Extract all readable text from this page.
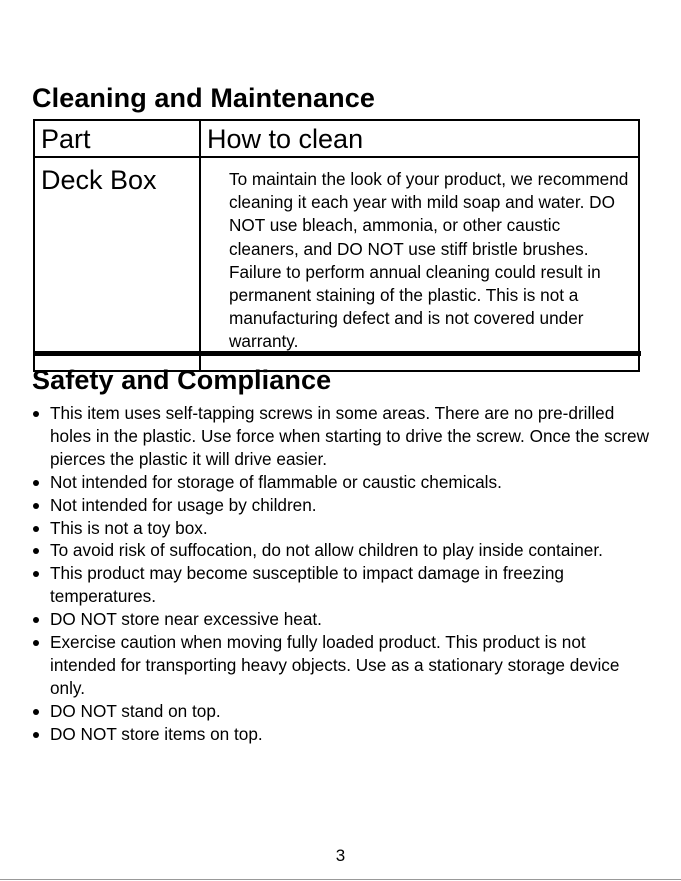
Cleaning and Maintenance
Part	How to clean
Deck Box	To maintain the look of your product, we recommend cleaning it each year with mild soap and water. DO NOT use bleach, ammonia, or other caustic cleaners, and DO NOT use stiff bristle brushes. Failure to perform annual cleaning could result in permanent staining of the plastic. This is not a manufacturing defect and is not covered under warranty.
Safety and Compliance
This item uses self-tapping screws in some areas. There are no pre-drilled holes in the plastic. Use force when starting to drive the screw. Once the screw pierces the plastic it will drive easier.
Not intended for storage of flammable or caustic chemicals.
Not intended for usage by children.
This is not a toy box.
To avoid risk of suffocation, do not allow children to play inside container.
This product may become susceptible to impact damage in freezing temperatures.
DO NOT store near excessive heat.
Exercise caution when moving fully loaded product. This product is not intended for transporting heavy objects. Use as a stationary storage device only.
DO NOT stand on top.
DO NOT store items on top.
3
